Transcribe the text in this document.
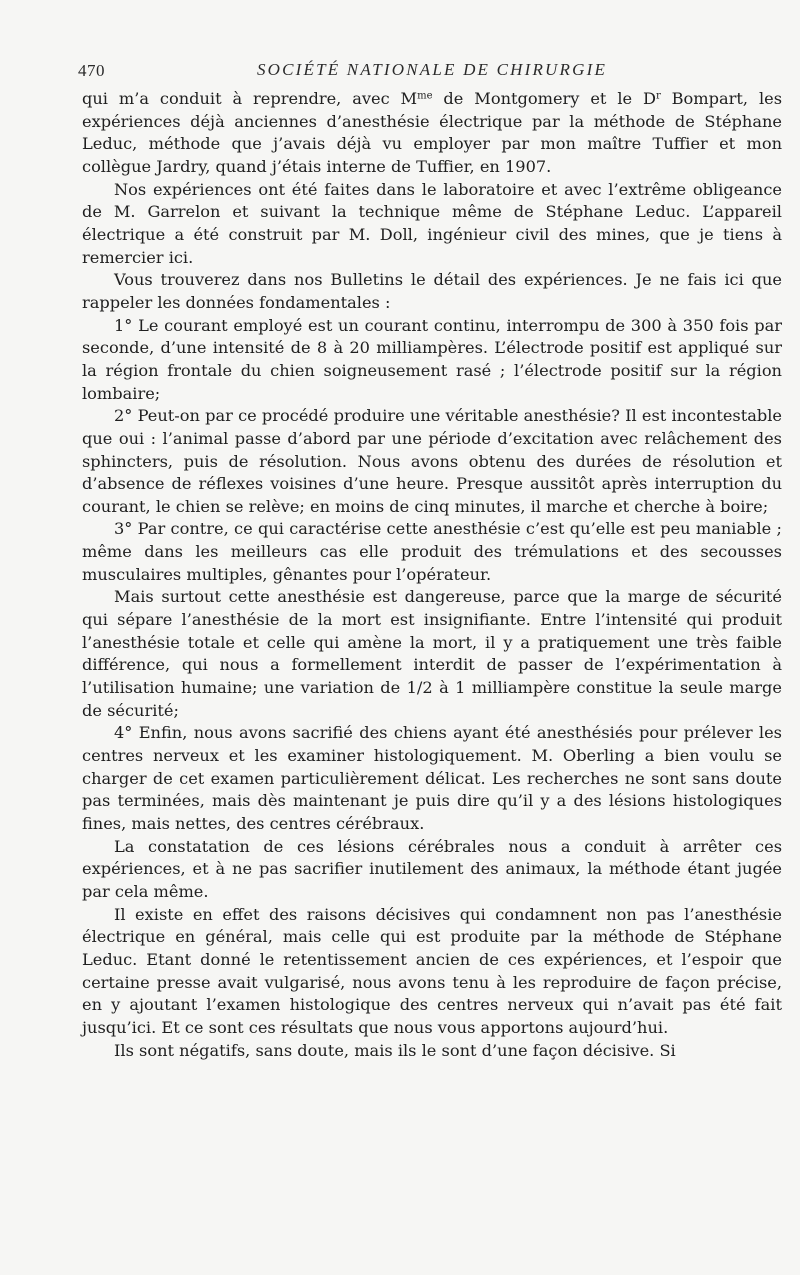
470	SOCIÉTÉ NATIONALE DE CHIRURGIE

qui m’a conduit à reprendre, avec $M^{me}$ de Montgomery et le $D^r$ Bompart, les expériences déjà anciennes d’anesthésie électrique par la méthode de Stéphane Leduc, méthode que j’avais déjà vu employer par mon maître Tuffier et mon collègue Jardry, quand j’étais interne de Tuffier, en 1907.

Nos expériences ont été faites dans le laboratoire et avec l’extrême obligeance de M. Garrelon et suivant la technique même de Stéphane Leduc. L’appareil électrique a été construit par M. Doll, ingénieur civil des mines, que je tiens à remercier ici.

Vous trouverez dans nos Bulletins le détail des expériences. Je ne fais ici que rappeler les données fondamentales :

1° Le courant employé est un courant continu, interrompu de 300 à 350 fois par seconde, d’une intensité de 8 à 20 milliampères. L’électrode positif est appliqué sur la région frontale du chien soigneusement rasé ; l’électrode positif sur la région lombaire;

2° Peut-on par ce procédé produire une véritable anesthésie? Il est incontestable que oui : l’animal passe d’abord par une période d’excitation avec relâchement des sphincters, puis de résolution. Nous avons obtenu des durées de résolution et d’absence de réflexes voisines d’une heure. Presque aussitôt après interruption du courant, le chien se relève; en moins de cinq minutes, il marche et cherche à boire;

3° Par contre, ce qui caractérise cette anesthésie c’est qu’elle est peu maniable ; même dans les meilleurs cas elle produit des trémulations et des secousses musculaires multiples, gênantes pour l’opérateur.

Mais surtout cette anesthésie est dangereuse, parce que la marge de sécurité qui sépare l’anesthésie de la mort est insignifiante. Entre l’intensité qui produit l’anesthésie totale et celle qui amène la mort, il y a pratiquement une très faible différence, qui nous a formellement interdit de passer de l’expérimentation à l’utilisation humaine; une variation de 1/2 à 1 milliampère constitue la seule marge de sécurité;

4° Enfin, nous avons sacrifié des chiens ayant été anesthésiés pour prélever les centres nerveux et les examiner histologiquement. M. Oberling a bien voulu se charger de cet examen particulièrement délicat. Les recherches ne sont sans doute pas terminées, mais dès maintenant je puis dire qu’il y a des lésions histologiques fines, mais nettes, des centres cérébraux.

La constatation de ces lésions cérébrales nous a conduit à arrêter ces expériences, et à ne pas sacrifier inutilement des animaux, la méthode étant jugée par cela même.

Il existe en effet des raisons décisives qui condamnent non pas l’anesthésie électrique en général, mais celle qui est produite par la méthode de Stéphane Leduc. Etant donné le retentissement ancien de ces expériences, et l’espoir que certaine presse avait vulgarisé, nous avons tenu à les reproduire de façon précise, en y ajoutant l’examen histologique des centres nerveux qui n’avait pas été fait jusqu’ici. Et ce sont ces résultats que nous vous apportons aujourd’hui.

Ils sont négatifs, sans doute, mais ils le sont d’une façon décisive. Si
